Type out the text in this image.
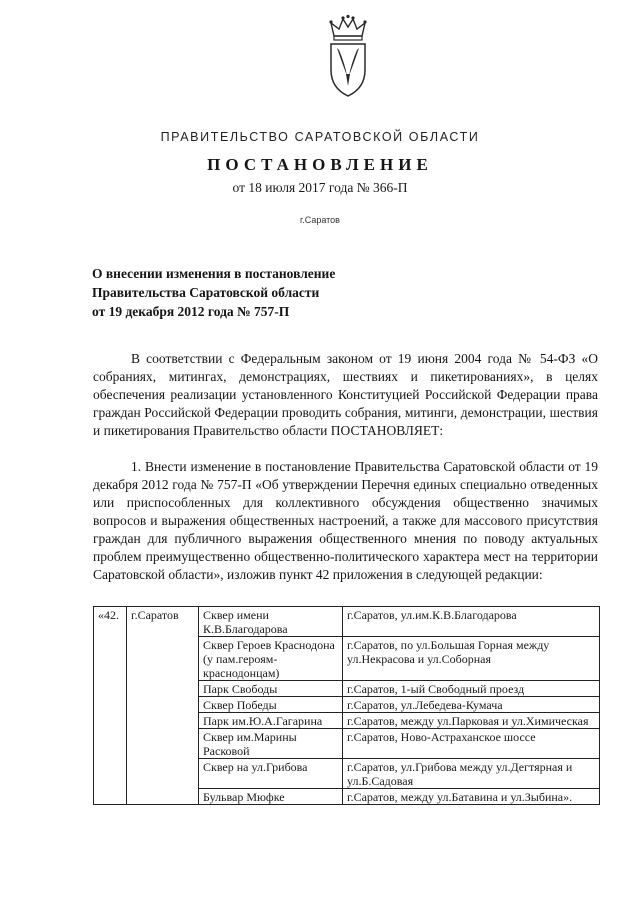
ПРАВИТЕЛЬСТВО САРАТОВСКОЙ ОБЛАСТИ
ПОСТАНОВЛЕНИЕ
от 18 июля 2017 года № 366-П
г.Саратов
О внесении изменения в постановление
Правительства Саратовской области
от 19 декабря 2012 года № 757-П
В соответствии с Федеральным законом от 19 июня 2004 года № 54-ФЗ «О собраниях, митингах, демонстрациях, шествиях и пикетированиях», в целях обеспечения реализации установленного Конституцией Российской Федерации права граждан Российской Федерации проводить собрания, митинги, демонстрации, шествия и пикетирования Правительство области ПОСТАНОВЛЯЕТ:
1. Внести изменение в постановление Правительства Саратовской области от 19 декабря 2012 года № 757-П «Об утверждении Перечня единых специально отведенных или приспособленных для коллективного обсуждения общественно значимых вопросов и выражения общественных настроений, а также для массового присутствия граждан для публичного выражения общественного мнения по поводу актуальных проблем преимущественно общественно-политического характера мест на территории Саратовской области», изложив пункт 42 приложения в следующей редакции:
«42.	г.Саратов	Сквер имени К.В.Благодарова	г.Саратов, ул.им.К.В.Благодарова
		Сквер Героев Краснодона (у пам.героям-краснодонцам)	г.Саратов, по ул.Большая Горная между ул.Некрасова и ул.Соборная
		Парк Свободы	г.Саратов, 1-ый Свободный проезд
		Сквер Победы	г.Саратов, ул.Лебедева-Кумача
		Парк им.Ю.А.Гагарина	г.Саратов, между ул.Парковая и ул.Химическая
		Сквер им.Марины Расковой	г.Саратов, Ново-Астраханское шоссе
		Сквер на ул.Грибова	г.Саратов, ул.Грибова между ул.Дегтярная и ул.Б.Садовая
		Бульвар Мюфке	г.Саратов, между ул.Батавина и ул.Зыбина».
